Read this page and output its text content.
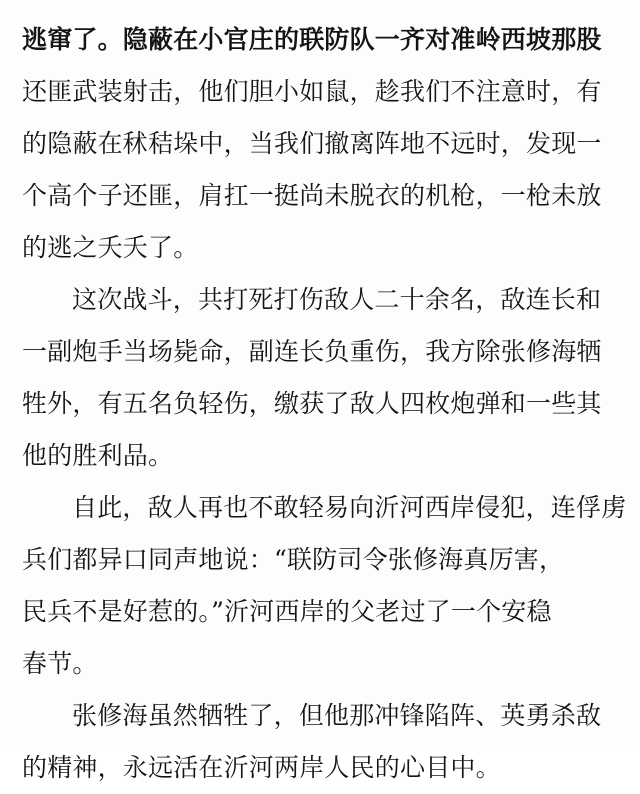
逃窜了。隐蔽在小官庄的联防队一齐对准岭西坡那股
还匪武装射击，他们胆小如鼠，趁我们不注意时，有
的隐蔽在秫秸垛中，当我们撤离阵地不远时，发现一
个高个子还匪，肩扛一挺尚未脱衣的机枪，一枪未放
的逃之夭夭了。
这次战斗，共打死打伤敌人二十余名，敌连长和
一副炮手当场毙命，副连长负重伤，我方除张修海牺
牲外，有五名负轻伤，缴获了敌人四枚炮弹和一些其
他的胜利品。
自此，敌人再也不敢轻易向沂河西岸侵犯，连俘虏
兵们都异口同声地说：“联防司令张修海真厉害，
民兵不是好惹的。”沂河西岸的父老过了一个安稳
春节。
张修海虽然牺牲了，但他那冲锋陷阵、英勇杀敌
的精神，永远活在沂河两岸人民的心目中。
